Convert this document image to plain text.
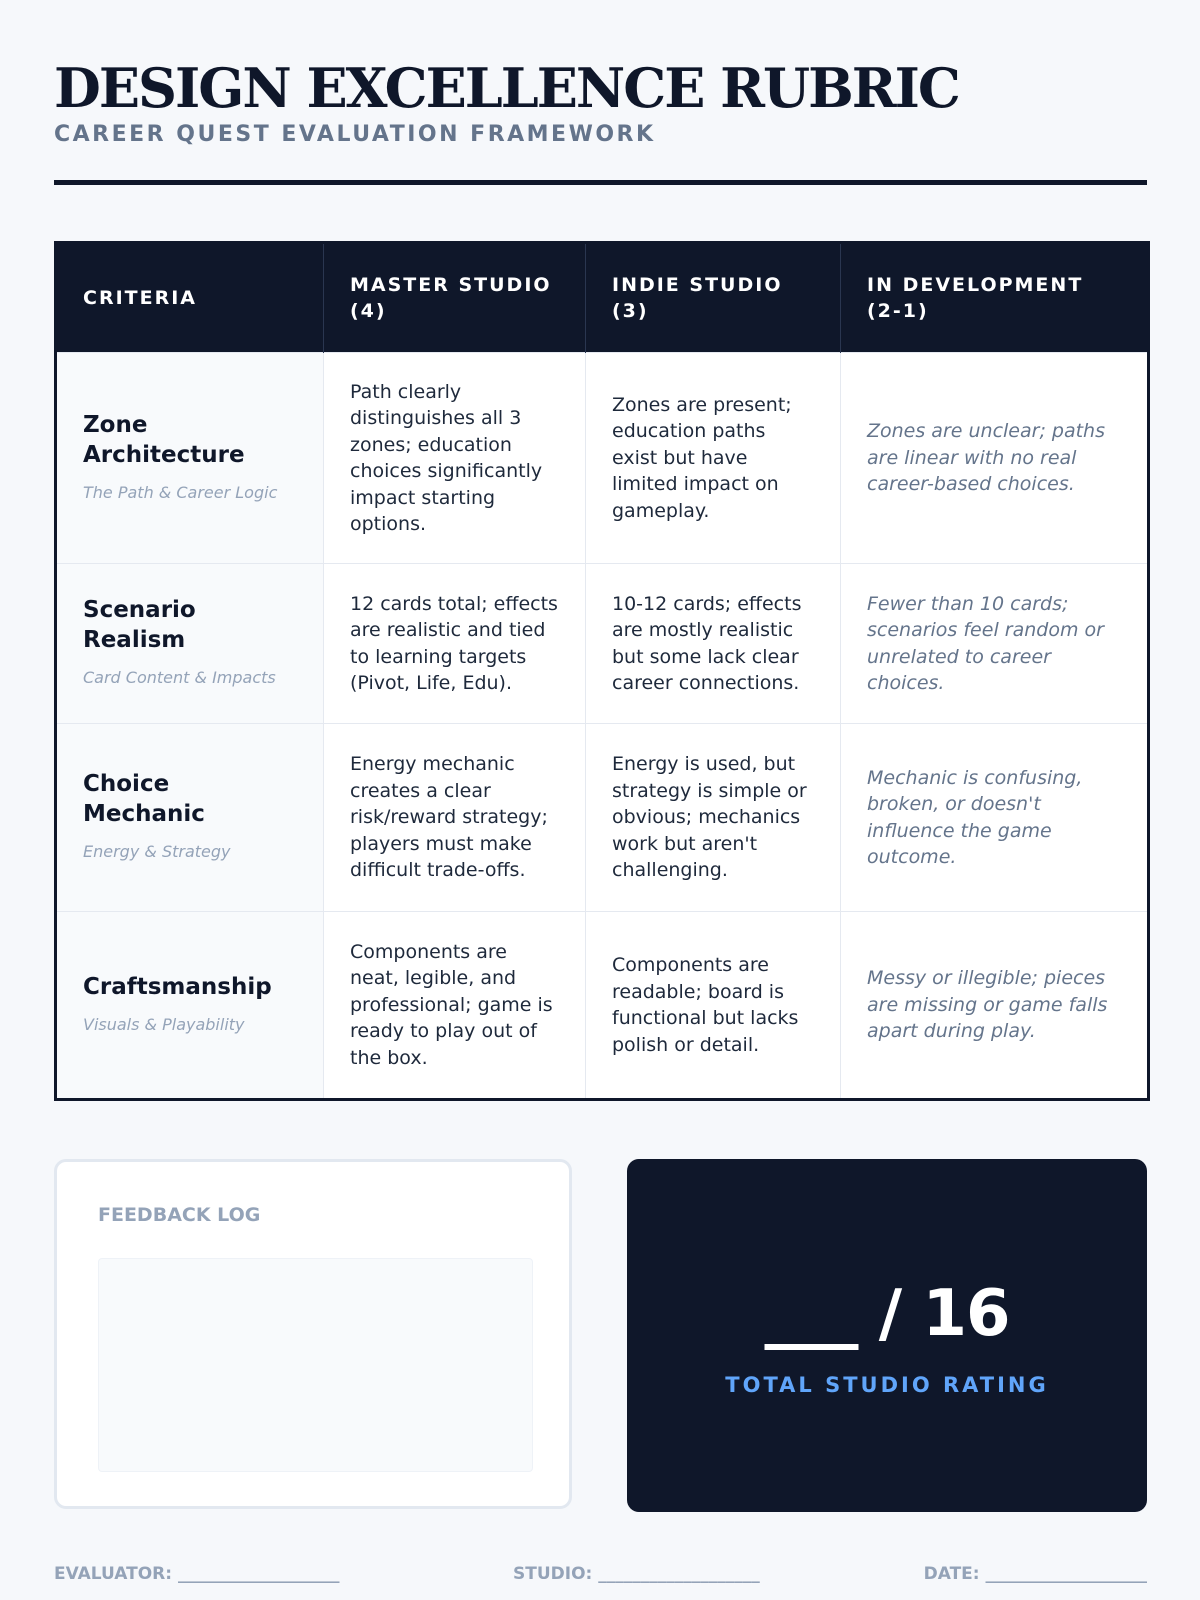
DESIGN EXCELLENCE RUBRIC
CAREER QUEST EVALUATION FRAMEWORK
CRITERIA	MASTER STUDIO (4)	INDIE STUDIO (3)	IN DEVELOPMENT (2-1)

Zone Architecture
The Path & Career Logic	Path clearly distinguishes all 3 zones; education choices significantly impact starting options.	Zones are present; education paths exist but have limited impact on gameplay.	Zones are unclear; paths are linear with no real career-based choices.

Scenario Realism
Card Content & Impacts	12 cards total; effects are realistic and tied to learning targets (Pivot, Life, Edu).	10-12 cards; effects are mostly realistic but some lack clear career connections.	Fewer than 10 cards; scenarios feel random or unrelated to career choices.

Choice Mechanic
Energy & Strategy	Energy mechanic creates a clear risk/reward strategy; players must make difficult trade-offs.	Energy is used, but strategy is simple or obvious; mechanics work but aren't challenging.	Mechanic is confusing, broken, or doesn't influence the game outcome.

Craftsmanship
Visuals & Playability	Components are neat, legible, and professional; game is ready to play out of the box.	Components are readable; board is functional but lacks polish or detail.	Messy or illegible; pieces are missing or game falls apart during play.
FEEDBACK LOG
___ / 16
TOTAL STUDIO RATING
EVALUATOR: ___________________	STUDIO: ___________________	DATE: ___________________
